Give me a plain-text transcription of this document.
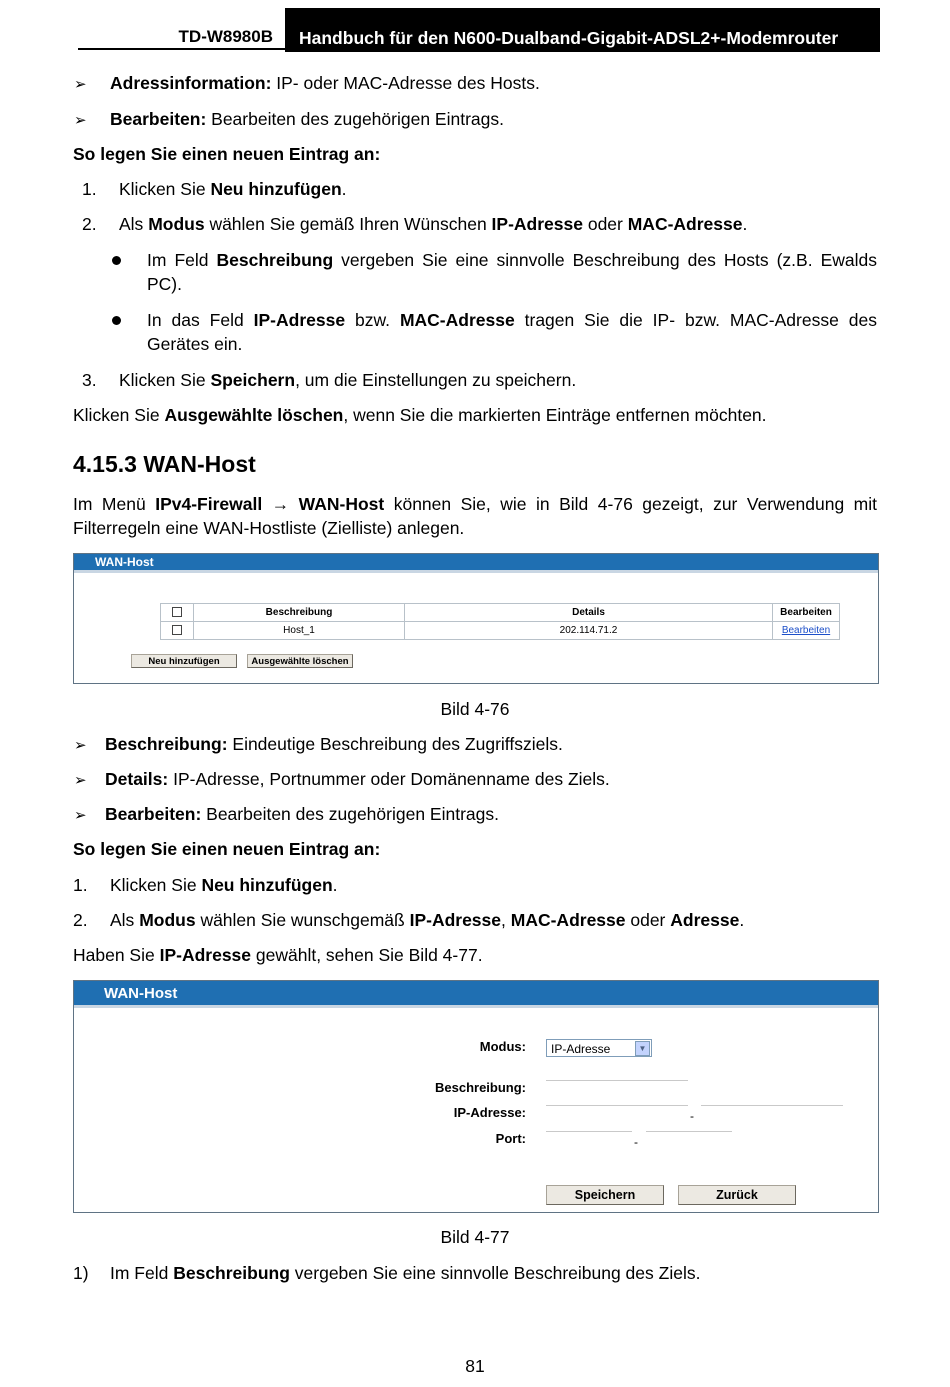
TD-W8980B	Handbuch für den N600-Dualband-Gigabit-ADSL2+-Modemrouter
➢ Adressinformation: IP- oder MAC-Adresse des Hosts.
➢ Bearbeiten: Bearbeiten des zugehörigen Eintrags.
So legen Sie einen neuen Eintrag an:
1. Klicken Sie Neu hinzufügen.
2. Als Modus wählen Sie gemäß Ihren Wünschen IP-Adresse oder MAC-Adresse.
Im Feld Beschreibung vergeben Sie eine sinnvolle Beschreibung des Hosts (z.B. Ewalds PC).
In das Feld IP-Adresse bzw. MAC-Adresse tragen Sie die IP- bzw. MAC-Adresse des Gerätes ein.
3. Klicken Sie Speichern, um die Einstellungen zu speichern.
Klicken Sie Ausgewählte löschen, wenn Sie die markierten Einträge entfernen möchten.
4.15.3 WAN-Host
Im Menü IPv4-Firewall → WAN-Host können Sie, wie in Bild 4-76 gezeigt, zur Verwendung mit Filterregeln eine WAN-Hostliste (Zielliste) anlegen.
WAN-Host
	Beschreibung	Details	Bearbeiten
	Host_1	202.114.71.2	Bearbeiten
Neu hinzufügen	Ausgewählte löschen
Bild 4-76
➢ Beschreibung: Eindeutige Beschreibung des Zugriffsziels.
➢ Details: IP-Adresse, Portnummer oder Domänenname des Ziels.
➢ Bearbeiten: Bearbeiten des zugehörigen Eintrags.
So legen Sie einen neuen Eintrag an:
1. Klicken Sie Neu hinzufügen.
2. Als Modus wählen Sie wunschgemäß IP-Adresse, MAC-Adresse oder Adresse.
Haben Sie IP-Adresse gewählt, sehen Sie Bild 4-77.
WAN-Host
Modus:	IP-Adresse	▼
Beschreibung:
IP-Adresse:	-
Port:	-
Speichern	Zurück
Bild 4-77
1) Im Feld Beschreibung vergeben Sie eine sinnvolle Beschreibung des Ziels.
81
